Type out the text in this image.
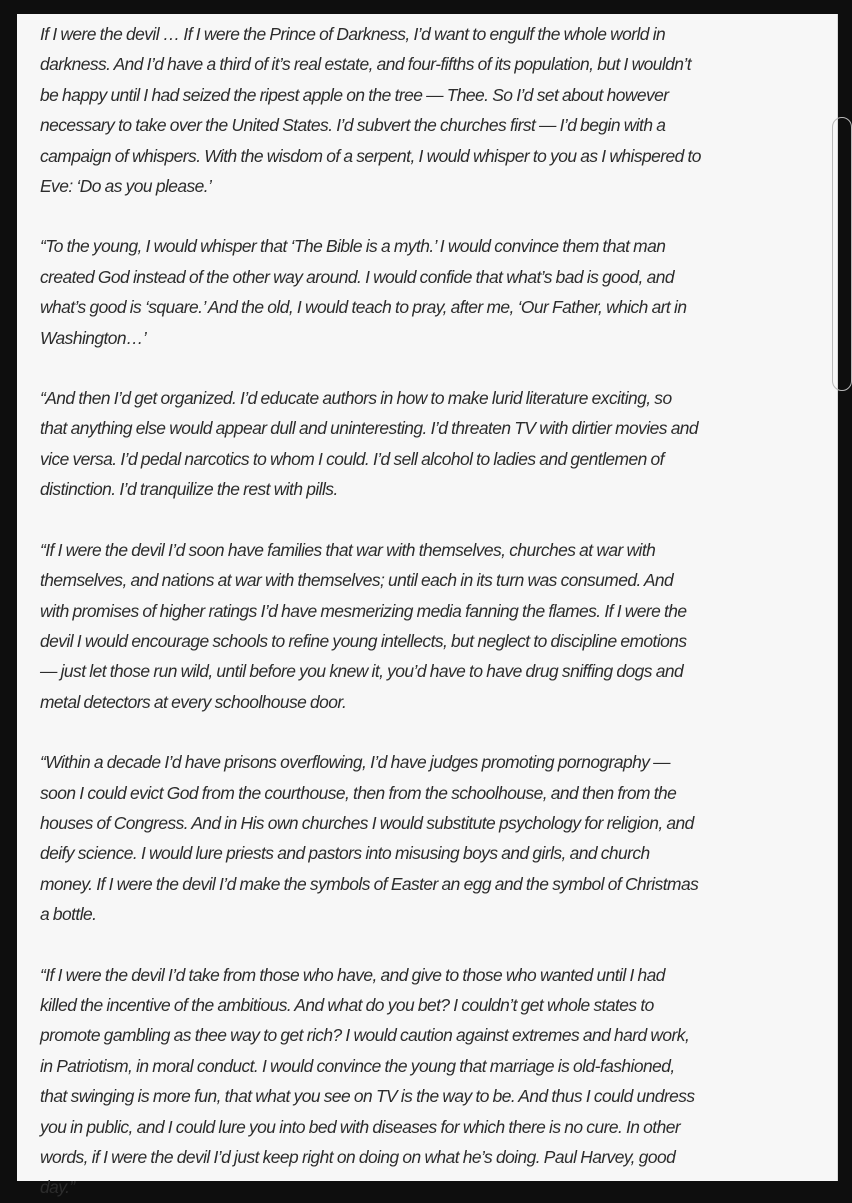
If I were the devil … If I were the Prince of Darkness, I’d want to engulf the whole world in
darkness. And I’d have a third of it’s real estate, and four-fifths of its population, but I wouldn’t
be happy until I had seized the ripest apple on the tree — Thee. So I’d set about however
necessary to take over the United States. I’d subvert the churches first — I’d begin with a
campaign of whispers. With the wisdom of a serpent, I would whisper to you as I whispered to
Eve: ‘Do as you please.’

“To the young, I would whisper that ‘The Bible is a myth.’ I would convince them that man
created God instead of the other way around. I would confide that what’s bad is good, and
what’s good is ‘square.’ And the old, I would teach to pray, after me, ‘Our Father, which art in
Washington…’

“And then I’d get organized. I’d educate authors in how to make lurid literature exciting, so
that anything else would appear dull and uninteresting. I’d threaten TV with dirtier movies and
vice versa. I’d pedal narcotics to whom I could. I’d sell alcohol to ladies and gentlemen of
distinction. I’d tranquilize the rest with pills.

“If I were the devil I’d soon have families that war with themselves, churches at war with
themselves, and nations at war with themselves; until each in its turn was consumed. And
with promises of higher ratings I’d have mesmerizing media fanning the flames. If I were the
devil I would encourage schools to refine young intellects, but neglect to discipline emotions
— just let those run wild, until before you knew it, you’d have to have drug sniffing dogs and
metal detectors at every schoolhouse door.

“Within a decade I’d have prisons overflowing, I’d have judges promoting pornography —
soon I could evict God from the courthouse, then from the schoolhouse, and then from the
houses of Congress. And in His own churches I would substitute psychology for religion, and
deify science. I would lure priests and pastors into misusing boys and girls, and church
money. If I were the devil I’d make the symbols of Easter an egg and the symbol of Christmas
a bottle.

“If I were the devil I’d take from those who have, and give to those who wanted until I had
killed the incentive of the ambitious. And what do you bet? I couldn’t get whole states to
promote gambling as thee way to get rich? I would caution against extremes and hard work,
in Patriotism, in moral conduct. I would convince the young that marriage is old-fashioned,
that swinging is more fun, that what you see on TV is the way to be. And thus I could undress
you in public, and I could lure you into bed with diseases for which there is no cure. In other
words, if I were the devil I’d just keep right on doing on what he’s doing. Paul Harvey, good
day.”
